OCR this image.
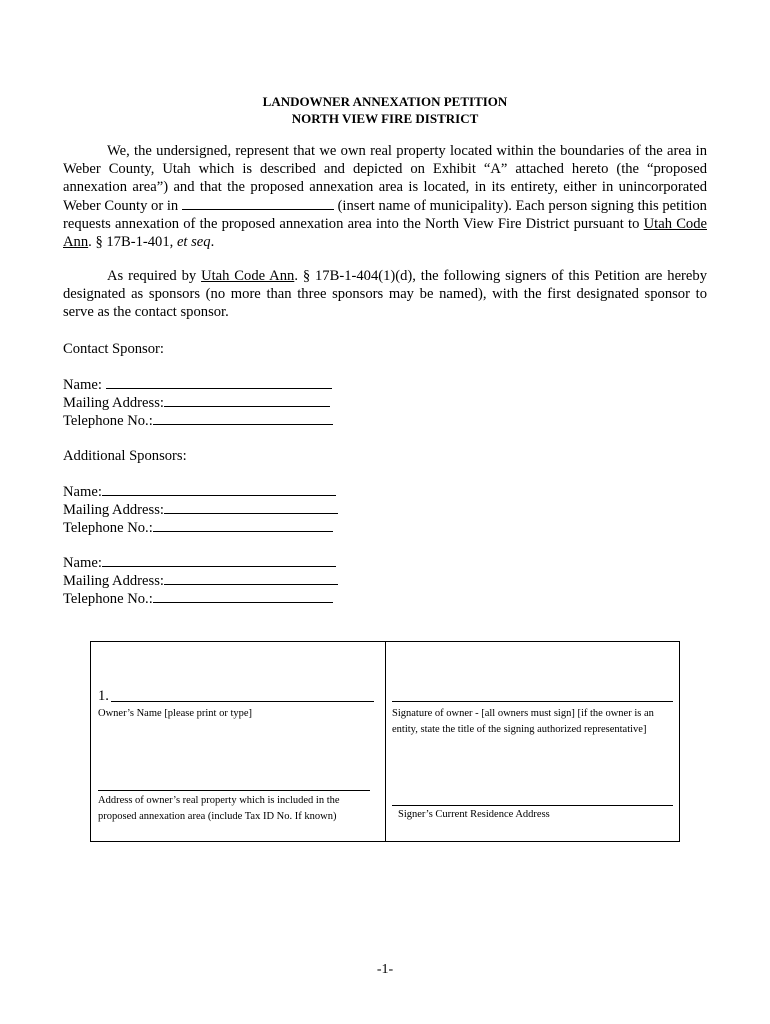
LANDOWNER ANNEXATION PETITION
NORTH VIEW FIRE DISTRICT
We, the undersigned, represent that we own real property located within the boundaries of the area in Weber County, Utah which is described and depicted on Exhibit “A” attached hereto (the “proposed annexation area”) and that the proposed annexation area is located, in its entirety, either in unincorporated Weber County or in	(insert name of municipality). Each person signing this petition requests annexation of the proposed annexation area into the North View Fire District pursuant to Utah Code Ann. § 17B-1-401, et seq.
As required by Utah Code Ann. § 17B-1-404(1)(d), the following signers of this Petition are hereby designated as sponsors (no more than three sponsors may be named), with the first designated sponsor to serve as the contact sponsor.
Contact Sponsor:
Name:
Mailing Address:
Telephone No.:
Additional Sponsors:
Name:
Mailing Address:
Telephone No.:
Name:
Mailing Address:
Telephone No.:
1.
Owner’s Name [please print or type]	Signature of owner - [all owners must sign] [if the owner is an entity, state the title of the signing authorized representative]
Address of owner’s real property which is included in the proposed annexation area (include Tax ID No. If known)	Signer’s Current Residence Address
-1-
